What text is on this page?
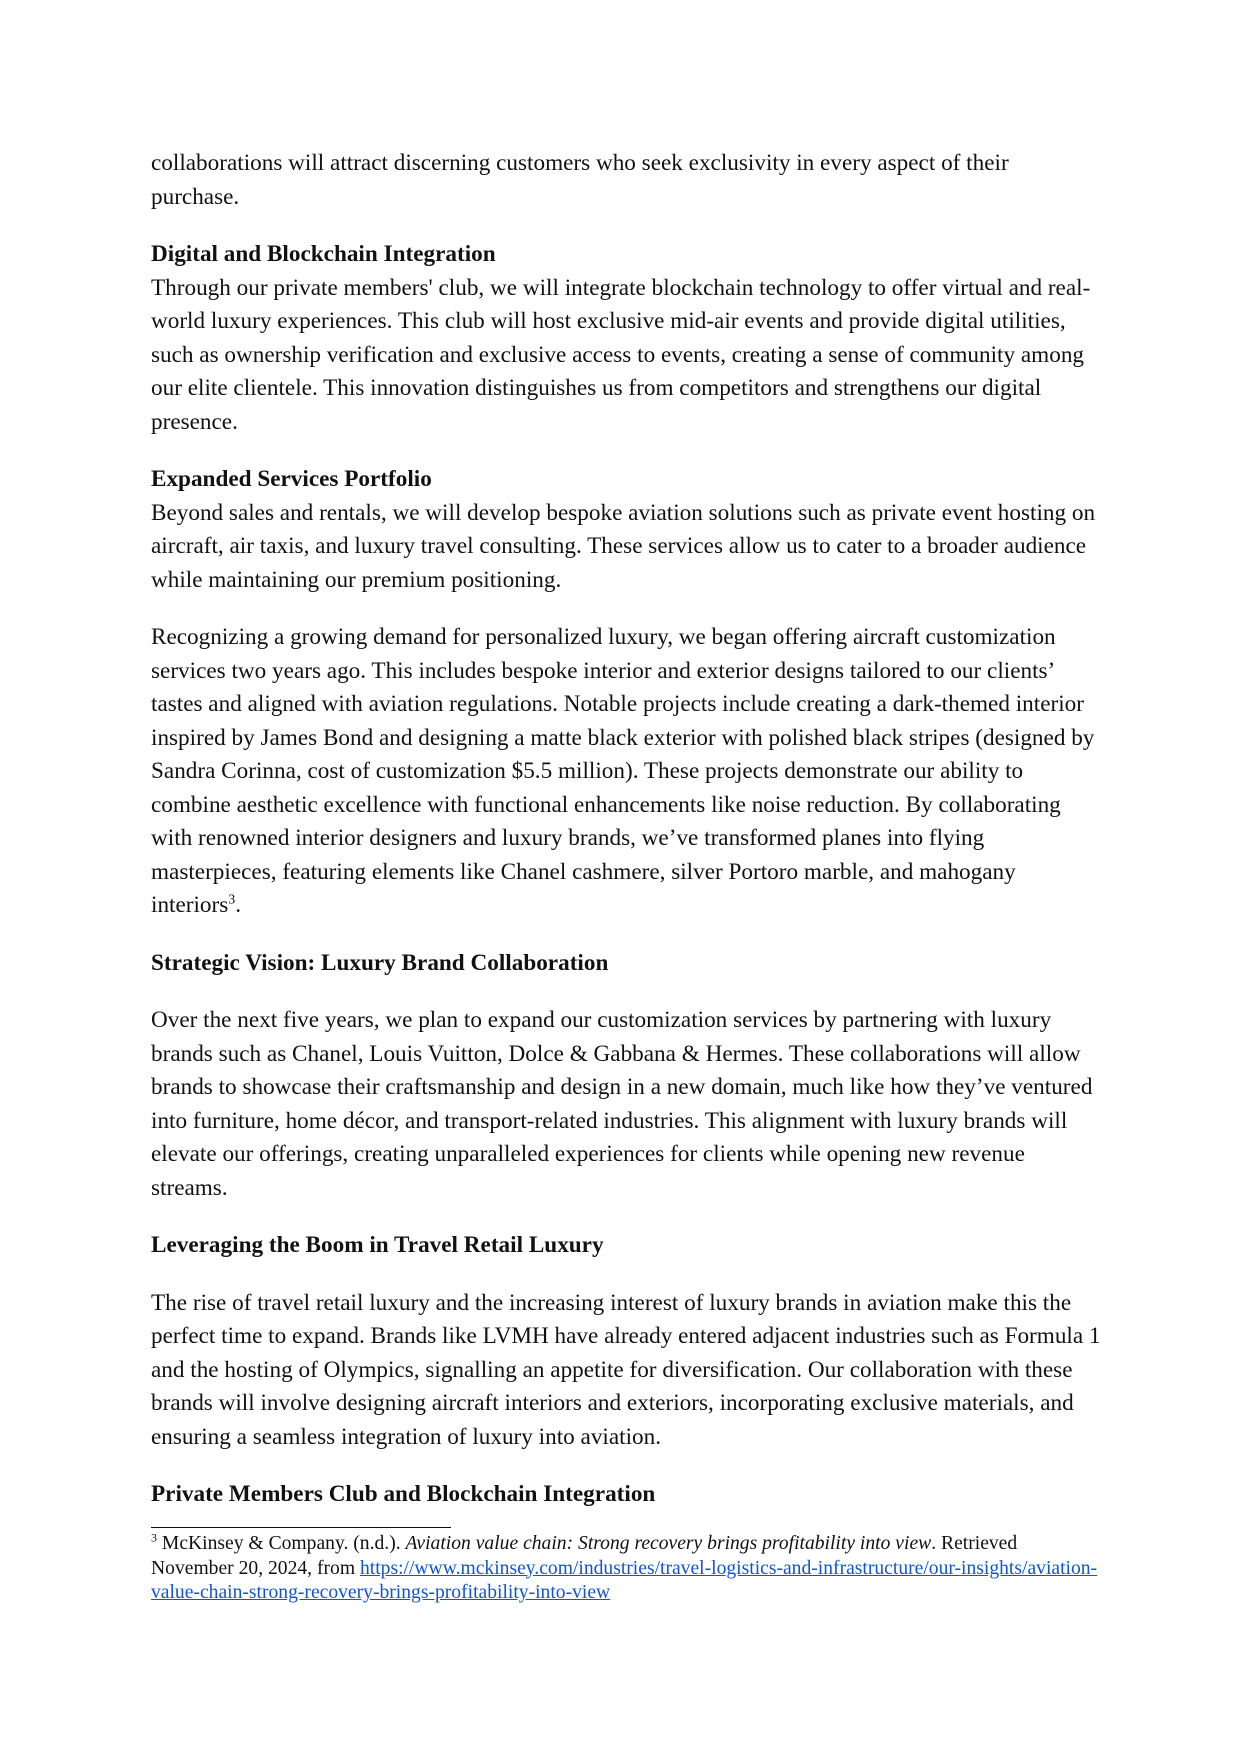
collaborations will attract discerning customers who seek exclusivity in every aspect of their purchase.

Digital and Blockchain Integration

Through our private members' club, we will integrate blockchain technology to offer virtual and real-world luxury experiences. This club will host exclusive mid-air events and provide digital utilities, such as ownership verification and exclusive access to events, creating a sense of community among our elite clientele. This innovation distinguishes us from competitors and strengthens our digital presence.

Expanded Services Portfolio

Beyond sales and rentals, we will develop bespoke aviation solutions such as private event hosting on aircraft, air taxis, and luxury travel consulting. These services allow us to cater to a broader audience while maintaining our premium positioning.

Recognizing a growing demand for personalized luxury, we began offering aircraft customization services two years ago. This includes bespoke interior and exterior designs tailored to our clients’ tastes and aligned with aviation regulations. Notable projects include creating a dark-themed interior inspired by James Bond and designing a matte black exterior with polished black stripes (designed by Sandra Corinna, cost of customization $5.5 million). These projects demonstrate our ability to combine aesthetic excellence with functional enhancements like noise reduction. By collaborating with renowned interior designers and luxury brands, we’ve transformed planes into flying masterpieces, featuring elements like Chanel cashmere, silver Portoro marble, and mahogany interiors$^3$.

Strategic Vision: Luxury Brand Collaboration

Over the next five years, we plan to expand our customization services by partnering with luxury brands such as Chanel, Louis Vuitton, Dolce & Gabbana & Hermes. These collaborations will allow brands to showcase their craftsmanship and design in a new domain, much like how they’ve ventured into furniture, home décor, and transport-related industries. This alignment with luxury brands will elevate our offerings, creating unparalleled experiences for clients while opening new revenue streams.

Leveraging the Boom in Travel Retail Luxury

The rise of travel retail luxury and the increasing interest of luxury brands in aviation make this the perfect time to expand. Brands like LVMH have already entered adjacent industries such as Formula 1 and the hosting of Olympics, signalling an appetite for diversification. Our collaboration with these brands will involve designing aircraft interiors and exteriors, incorporating exclusive materials, and ensuring a seamless integration of luxury into aviation.

Private Members Club and Blockchain Integration

$^3$ McKinsey & Company. (n.d.). Aviation value chain: Strong recovery brings profitability into view. Retrieved November 20, 2024, from https://www.mckinsey.com/industries/travel-logistics-and-infrastructure/our-insights/aviation-value-chain-strong-recovery-brings-profitability-into-view
